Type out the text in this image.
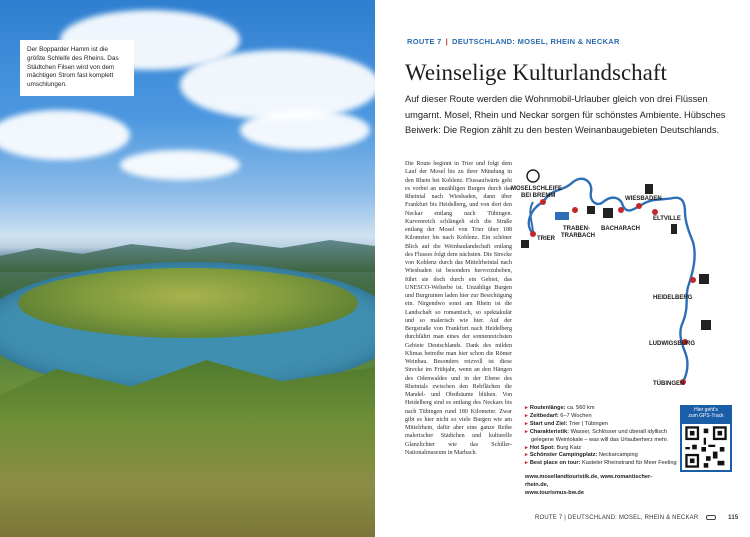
Der Bopparder Hamm ist die größte Schleife des Rheins. Das Städtchen Filsen wird von dem mächtigen Strom fast komplett umschlungen.
ROUTE 7 | DEUTSCHLAND: MOSEL, RHEIN & NECKAR
Weinselige Kulturlandschaft
Auf dieser Route werden die Wohnmobil-Urlauber gleich von drei Flüssen umgarnt. Mosel, Rhein und Neckar sorgen für schönstes Ambiente. Hübsches Beiwerk: Die Region zählt zu den besten Weinanbaugebieten Deutschlands.
Die Route beginnt in Trier und folgt dem Lauf der Mosel bis zu ihrer Mündung in den Rhein bei Koblenz. Flussaufwärts geht es vorbei an unzähligen Burgen durch das Rheintal nach Wiesbaden, dann über Frankfurt bis Heidelberg, und von dort den Neckar entlang nach Tübingen. Kurvenreich schlängelt sich die Straße entlang der Mosel von Trier über 188 Kilometer bis nach Koblenz. Ein schöner Blick auf die Weinbaulandschaft entlang des Flusses folgt dem nächsten. Die Strecke von Koblenz durch das Mittelrheintal nach Wiesbaden ist besonders hervorzuheben, führt sie doch durch ein Gebiet, das UNESCO-Welterbe ist. Unzählige Burgen und Burgruinen laden hier zur Besichtigung ein. Nirgendwo sonst am Rhein ist die Landschaft so romantisch, so spektakulär und so malerisch wie hier. Auf der Bergstraße von Frankfurt nach Heidelberg durchfährt man eines der sonnenreichsten Gebiete Deutschlands. Dank des milden Klimas betreibe man hier schon die Römer Weinbau. Besonders reizvoll ist diese Strecke im Frühjahr, wenn an den Hängen des Odenwaldes und in der Ebene des Rheintals zwischen den Rebflächen die Mandel- und Obstbäume blühen. Von Heidelberg sind es entlang des Neckars bis nach Tübingen rund 180 Kilometer. Zwar gibt es hier nicht so viele Burgen wie am Mittelrhein, dafür aber eine ganze Reihe malerischer Städtchen und kulturelle Glanzlichter wie das Schiller-Nationalmuseum in Marbach.
MOSELSCHLEIFE
BEI BREMM
TRABEN-
TRARBACH
TRIER
BACHARACH
WIESBADEN
ELTVILLE
HEIDELBERG
LUDWIGSBURG
TÜBINGEN
▸ Routenlänge: ca. 560 km
▸ Zeitbedarf: 6–7 Wochen
▸ Start und Ziel: Trier | Tübingen
▸ Charakteristik: Wasser, Schlösser und überall idyllisch
gelegene Weinlokale – was will das Urlauberherz mehr.
▸ Hot Spot: Burg Katz
▸ Schönster Campingplatz: Neckarcamping
▸ Best place on tour: Kasteler Rheinstrand für Meer Feeling
www.mosellandtouristik.de, www.romantischer-rhein.de,
www.tourismus-bw.de
Hier geht's
zum GPS-Track
ROUTE 7 | DEUTSCHLAND: MOSEL, RHEIN & NECKAR	115
